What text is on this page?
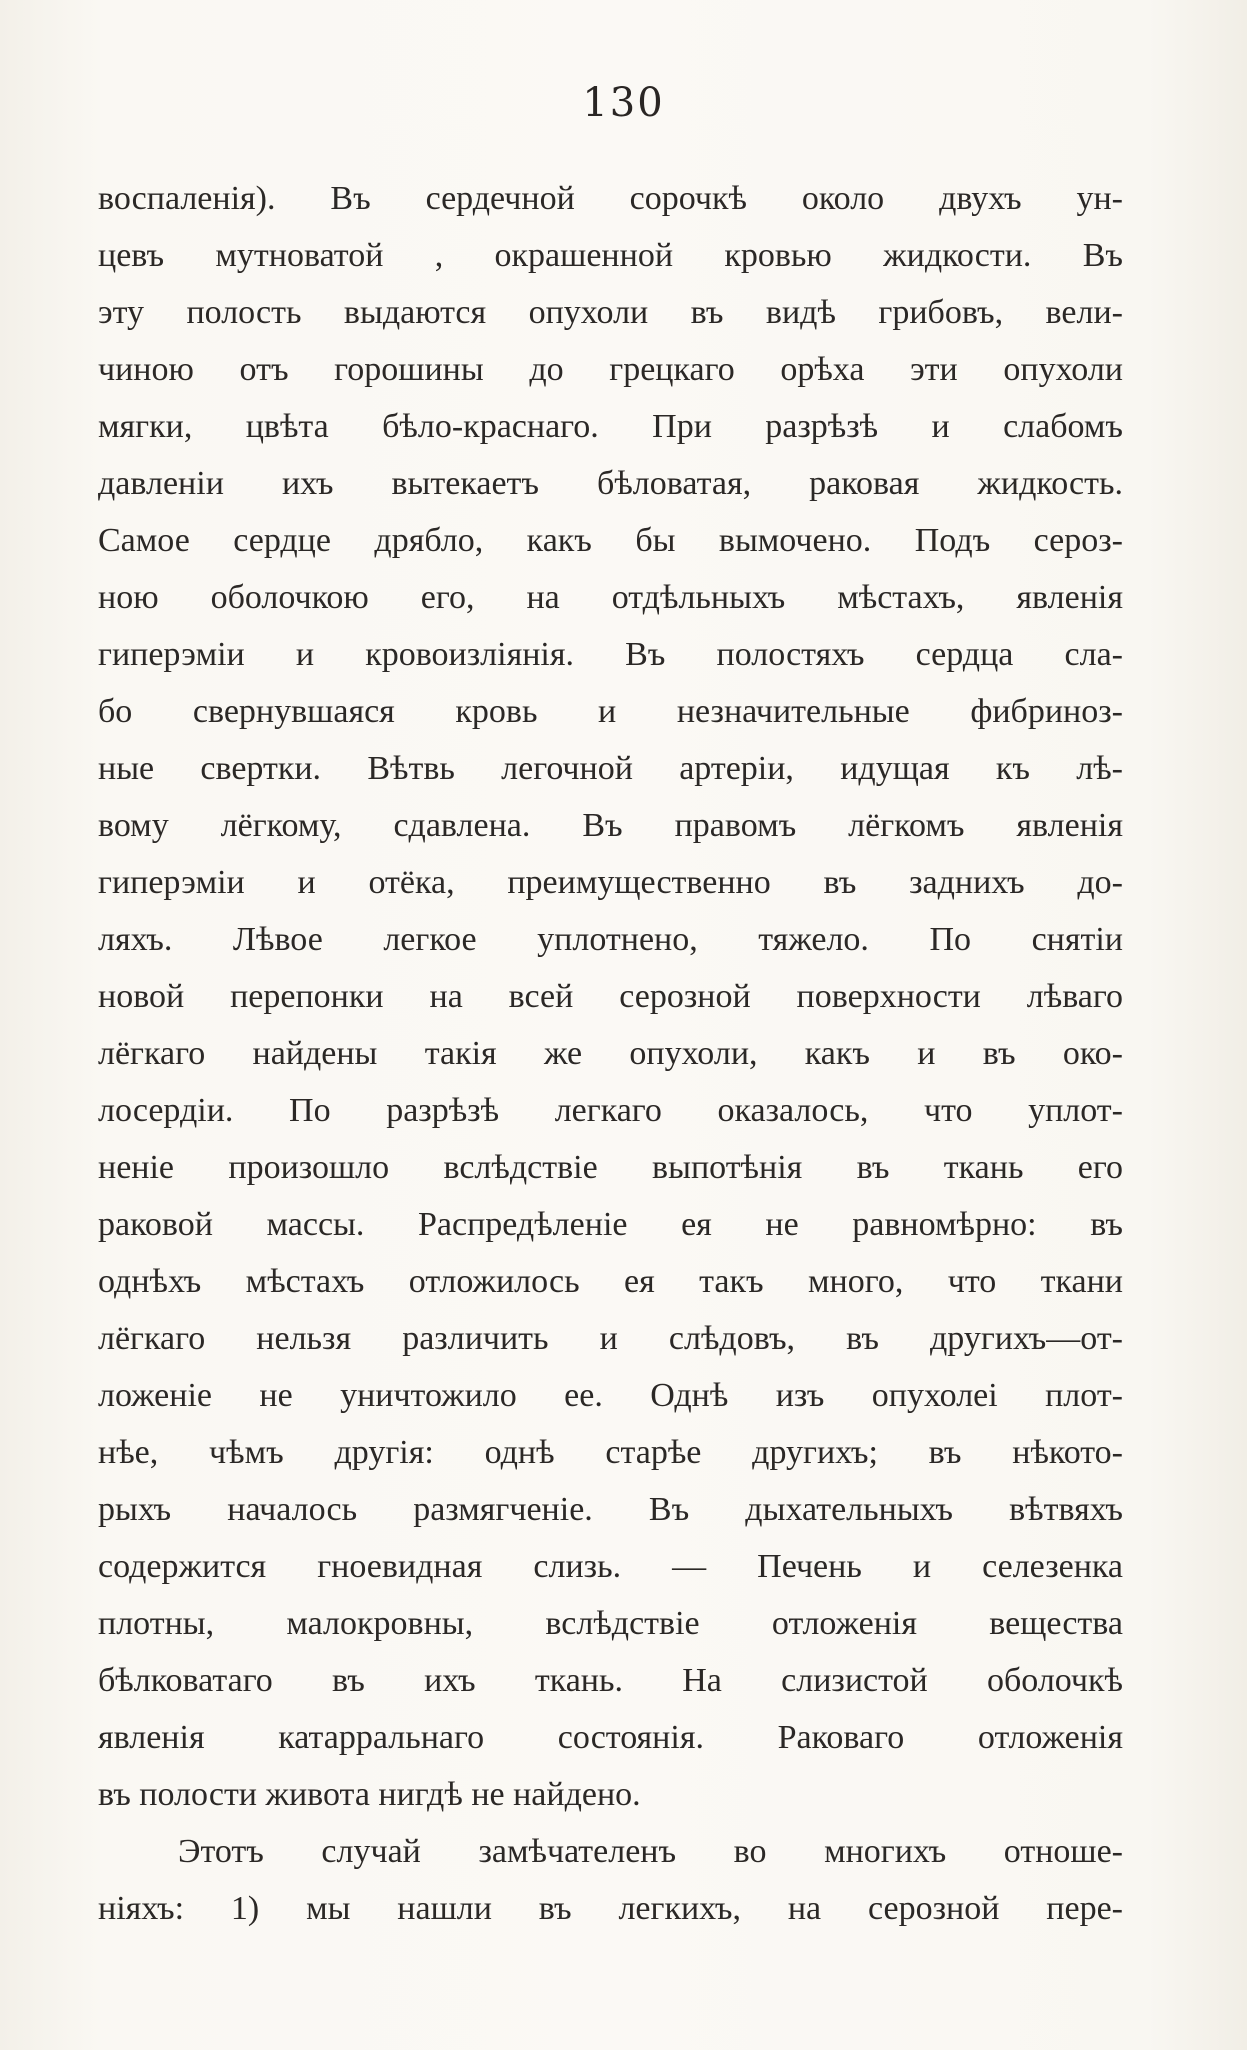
130
воспаленія). Въ сердечной сорочкѣ около двухъ ун-
цевъ мутноватой , окрашенной кровью жидкости. Въ
эту полость выдаются опухоли въ видѣ грибовъ, вели-
чиною отъ горошины до грецкаго орѣха эти опухоли
мягки, цвѣта бѣло-краснаго. При разрѣзѣ и слабомъ
давленіи ихъ вытекаетъ бѣловатая, раковая жидкость.
Самое сердце дрябло, какъ бы вымочено. Подъ сероз-
ною оболочкою его, на отдѣльныхъ мѣстахъ, явленія
гиперэміи и кровоизліянія. Въ полостяхъ сердца сла-
бо свернувшаяся кровь и незначительные фибриноз-
ные свертки. Вѣтвь легочной артеріи, идущая къ лѣ-
вому лёгкому, сдавлена. Въ правомъ лёгкомъ явленія
гиперэміи и отёка, преимущественно въ заднихъ до-
ляхъ. Лѣвое легкое уплотнено, тяжело. По снятіи
новой перепонки на всей серозной поверхности лѣваго
лёгкаго найдены такія же опухоли, какъ и въ око-
лосердіи. По разрѣзѣ легкаго оказалось, что уплот-
неніе произошло вслѣдствіе выпотѣнія въ ткань его
раковой массы. Распредѣленіе ея не равномѣрно: въ
однѣхъ мѣстахъ отложилось ея такъ много, что ткани
лёгкаго нельзя различить и слѣдовъ, въ другихъ—от-
ложеніе не уничтожило ее. Однѣ изъ опухолеі плот-
нѣе, чѣмъ другія: однѣ старѣе другихъ; въ нѣкото-
рыхъ началось размягченіе. Въ дыхательныхъ вѣтвяхъ
содержится гноевидная слизь. — Печень и селезенка
плотны, малокровны, вслѣдствіе отложенія вещества
бѣлковатаго въ ихъ ткань. На слизистой оболочкѣ
явленія катарральнаго состоянія. Раковаго отложенія
въ полости живота нигдѣ не найдено.
Этотъ случай замѣчателенъ во многихъ отноше-
ніяхъ: 1) мы нашли въ легкихъ, на серозной пере-
